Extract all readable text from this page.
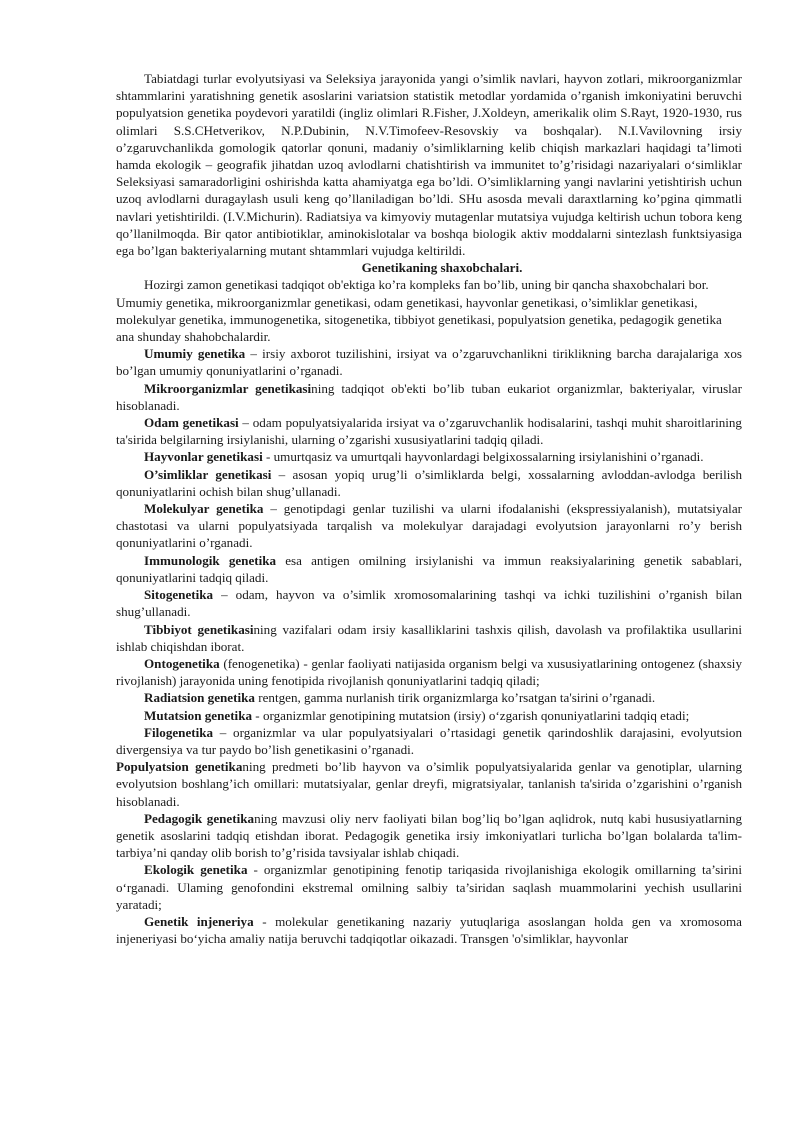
Tabiatdagi turlar evolyutsiyasi va Seleksiya jarayonida yangi o’simlik navlari, hayvon zotlari, mikroorganizmlar shtammlarini yaratishning genetik asoslarini variatsion statistik metodlar yordamida o’rganish imkoniyatini beruvchi populyatsion genetika poydevori yaratildi (ingliz olimlari R.Fisher, J.Xoldeyn, amerikalik olim S.Rayt, 1920-1930, rus olimlari S.S.CHetverikov, N.P.Dubinin, N.V.Timofeev-Resovskiy va boshqalar). N.I.Vavilovning irsiy o’zgaruvchanlikda gomologik qatorlar qonuni, madaniy o’simliklarning kelib chiqish markazlari haqidagi ta’limoti hamda ekologik – geografik jihatdan uzoq avlodlarni chatishtirish va immunitet to’g’risidagi nazariyalari o‘simliklar Seleksiyasi samaradorligini oshirishda katta ahamiyatga ega bo’ldi. O’simliklarning yangi navlarini yetishtirish uchun uzoq avlodlarni duragaylash usuli keng qo’llaniladigan bo’ldi. SHu asosda mevali daraxtlarning ko’pgina qimmatli navlari yetishtirildi. (I.V.Michurin). Radiatsiya va kimyoviy mutagenlar mutatsiya vujudga keltirish uchun tobora keng qo’llanilmoqda. Bir qator antibiotiklar, aminokislotalar va boshqa biologik aktiv moddalarni sintezlash funktsiyasiga ega bo’lgan bakteriyalarning mutant shtammlari vujudga keltirildi.

Genetikaning shaxobchalari.

Hozirgi zamon genetikasi tadqiqot ob'ektiga ko’ra kompleks fan bo’lib, uning bir qancha shaxobchalari bor. Umumiy genetika, mikroorganizmlar genetikasi, odam genetikasi, hayvonlar genetikasi, o’simliklar genetikasi, molekulyar genetika, immunogenetika, sitogenetika, tibbiyot genetikasi, populyatsion genetika, pedagogik genetika ana shunday shahobchalardir.

Umumiy genetika – irsiy axborot tuzilishini, irsiyat va o’zgaruvchanlikni tiriklikning barcha darajalariga xos bo’lgan umumiy qonuniyatlarini o’rganadi.

Mikroorganizmlar genetikasining tadqiqot ob'ekti bo’lib tuban eukariot organizmlar, bakteriyalar, viruslar hisoblanadi.

Odam genetikasi – odam populyatsiyalarida irsiyat va o’zgaruvchanlik hodisalarini, tashqi muhit sharoitlarining ta'sirida belgilarning irsiylanishi, ularning o’zgarishi xususiyatlarini tadqiq qiladi.

Hayvonlar genetikasi - umurtqasiz va umurtqali hayvonlardagi belgixossalarning irsiylanishini o’rganadi.

O’simliklar genetikasi – asosan yopiq urug’li o’simliklarda belgi, xossalarning avloddan-avlodga berilish qonuniyatlarini ochish bilan shug’ullanadi.

Molekulyar genetika – genotipdagi genlar tuzilishi va ularni ifodalanishi (ekspressiyalanish), mutatsiyalar chastotasi va ularni populyatsiyada tarqalish va molekulyar darajadagi evolyutsion jarayonlarni ro’y berish qonuniyatlarini o’rganadi.

Immunologik genetika esa antigen omilning irsiylanishi va immun reaksiyalarining genetik sabablari, qonuniyatlarini tadqiq qiladi.

Sitogenetika – odam, hayvon va o’simlik xromosomalarining tashqi va ichki tuzilishini o’rganish bilan shug’ullanadi.

Tibbiyot genetikasining vazifalari odam irsiy kasalliklarini tashxis qilish, davolash va profilaktika usullarini ishlab chiqishdan iborat.

Ontogenetika (fenogenetika) - genlar faoliyati natijasida organism belgi va xususiyatlarining ontogenez (shaxsiy rivojlanish) jarayonida uning fenotipida rivojlanish qonuniyatlarini tadqiq qiladi;

Radiatsion genetika rentgen, gamma nurlanish tirik organizmlarga ko’rsatgan ta'sirini o’rganadi.

Mutatsion genetika - organizmlar genotipining mutatsion (irsiy) o‘zgarish qonuniyatlarini tadqiq etadi;

Filogenetika – organizmlar va ular populyatsiyalari o’rtasidagi genetik qarindoshlik darajasini, evolyutsion divergensiya va tur paydo bo’lish genetikasini o’rganadi.

Populyatsion genetikaning predmeti bo’lib hayvon va o’simlik populyatsiyalarida genlar va genotiplar, ularning evolyutsion boshlang’ich omillari: mutatsiyalar, genlar dreyfi, migratsiyalar, tanlanish ta'sirida o’zgarishini o’rganish hisoblanadi.

Pedagogik genetikaning mavzusi oliy nerv faoliyati bilan bog’liq bo’lgan aqlidrok, nutq kabi hususiyatlarning genetik asoslarini tadqiq etishdan iborat. Pedagogik genetika irsiy imkoniyatlari turlicha bo’lgan bolalarda ta'lim-tarbiya’ni qanday olib borish to’g’risida tavsiyalar ishlab chiqadi.

Ekologik genetika - organizmlar genotipining fenotip tariqasida rivojlanishiga ekologik omillarning ta’sirini o‘rganadi. Ulaming genofondini ekstremal omilning salbiy ta’siridan saqlash muammolarini yechish usullarini yaratadi;

Genetik injeneriya - molekular genetikaning nazariy yutuqlariga asoslangan holda gen va xromosoma injeneriyasi bo‘yicha amaliy natija beruvchi tadqiqotlar oikazadi. Transgen 'o'simliklar, hayvonlar
